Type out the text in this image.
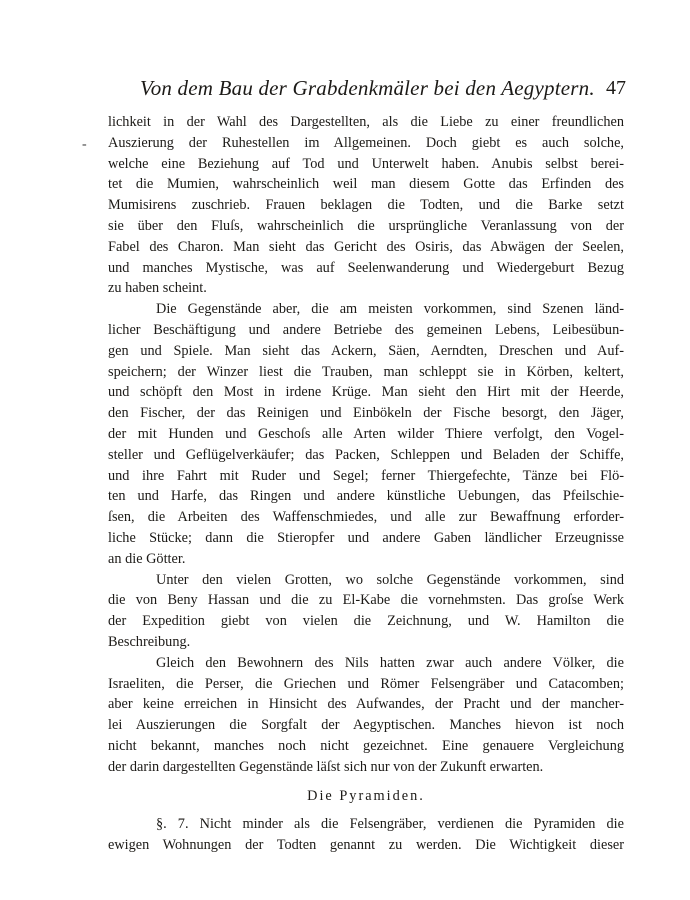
Von dem Bau der Grabdenkmäler bei den Aegyptern. 47
-
lichkeit in der Wahl des Dargestellten, als die Liebe zu einer freundlichen
Auszierung der Ruhestellen im Allgemeinen. Doch giebt es auch solche,
welche eine Beziehung auf Tod und Unterwelt haben. Anubis selbst berei-
tet die Mumien, wahrscheinlich weil man diesem Gotte das Erfinden des
Mumisirens zuschrieb. Frauen beklagen die Todten, und die Barke setzt
sie über den Fluſs, wahrscheinlich die ursprüngliche Veranlassung von der
Fabel des Charon. Man sieht das Gericht des Osiris, das Abwägen der Seelen,
und manches Mystische, was auf Seelenwanderung und Wiedergeburt Bezug
zu haben scheint.
Die Gegenstände aber, die am meisten vorkommen, sind Szenen länd-
licher Beschäftigung und andere Betriebe des gemeinen Lebens, Leibesübun-
gen und Spiele. Man sieht das Ackern, Säen, Aerndten, Dreschen und Auf-
speichern; der Winzer liest die Trauben, man schleppt sie in Körben, keltert,
und schöpft den Most in irdene Krüge. Man sieht den Hirt mit der Heerde,
den Fischer, der das Reinigen und Einbökeln der Fische besorgt, den Jäger,
der mit Hunden und Geschoſs alle Arten wilder Thiere verfolgt, den Vogel-
steller und Geflügelverkäufer; das Packen, Schleppen und Beladen der Schiffe,
und ihre Fahrt mit Ruder und Segel; ferner Thiergefechte, Tänze bei Flö-
ten und Harfe, das Ringen und andere künstliche Uebungen, das Pfeilschie-
ſsen, die Arbeiten des Waffenschmiedes, und alle zur Bewaffnung erforder-
liche Stücke; dann die Stieropfer und andere Gaben ländlicher Erzeugnisse
an die Götter.
Unter den vielen Grotten, wo solche Gegenstände vorkommen, sind
die von Beny Hassan und die zu El-Kabe die vornehmsten. Das groſse Werk
der Expedition giebt von vielen die Zeichnung, und W. Hamilton die
Beschreibung.
Gleich den Bewohnern des Nils hatten zwar auch andere Völker, die
Israeliten, die Perser, die Griechen und Römer Felsengräber und Catacomben;
aber keine erreichen in Hinsicht des Aufwandes, der Pracht und der mancher-
lei Auszierungen die Sorgfalt der Aegyptischen. Manches hievon ist noch
nicht bekannt, manches noch nicht gezeichnet. Eine genauere Vergleichung
der darin dargestellten Gegenstände läſst sich nur von der Zukunft erwarten.
Die Pyramiden.
§. 7. Nicht minder als die Felsengräber, verdienen die Pyramiden die
ewigen Wohnungen der Todten genannt zu werden. Die Wichtigkeit dieser
